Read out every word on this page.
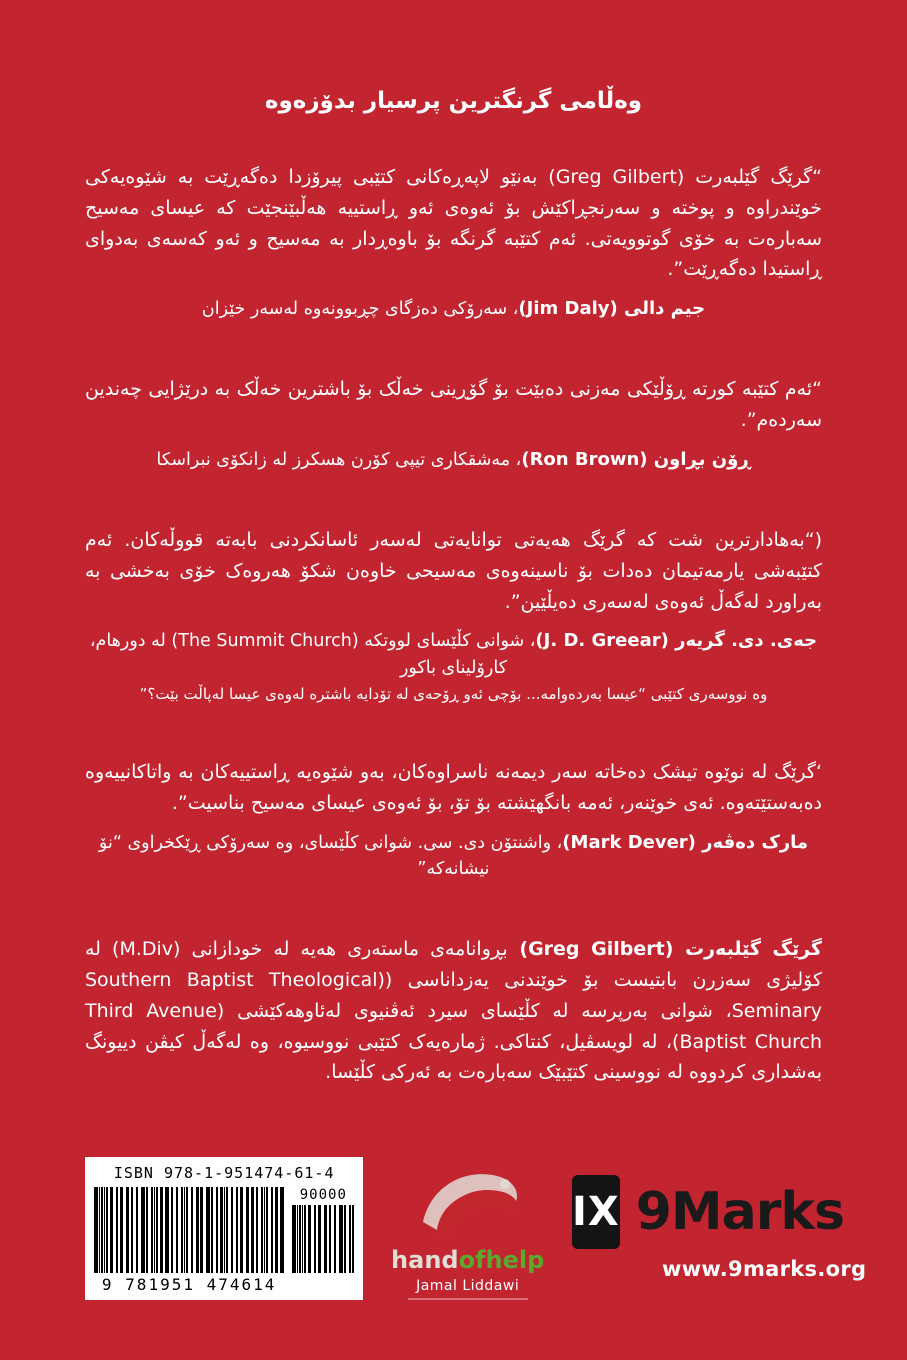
وەڵامی گرنگترین پرسیار بدۆزەوە

“گرێگ گێلبەرت (Greg Gilbert) بەنێو لاپەڕەکانی کتێبی پیرۆزدا دەگەڕێت بە شێوەیەکی خوێندراوە و پوختە و سەرنجڕاکێش بۆ ئەوەی ئەو ڕاستییە هەڵبێنجێت کە عیسای مەسیح سەبارەت بە خۆی گوتوویەتی. ئەم کتێبە گرنگە بۆ باوەڕدار بە مەسیح و ئەو کەسەی بەدوای ڕاستیدا دەگەڕێت”.

جیم دالی (Jim Daly)، سەرۆکی دەزگای چڕبوونەوە لەسەر خێزان

“ئەم کتێبە کورتە ڕۆڵێکی مەزنی دەبێت بۆ گۆڕینی خەڵک بۆ باشترین خەڵک بە درێژایی چەندین سەردەم”.

ڕۆن بڕاون (Ron Brown)، مەشقکاری تیپی کۆرن هسکرز لە زانکۆی نبراسکا

(“بەهادارترین شت کە گرێگ هەیەتی توانایەتی لەسەر ئاسانکردنی بابەتە قووڵەکان. ئەم کتێبەشی یارمەتیمان دەدات بۆ ناسینەوەی مەسیحی خاوەن شکۆ هەروەک خۆی بەخشی بە بەراورد لەگەڵ ئەوەی لەسەری دەیڵێین”.

جەی. دی. گریەر (J. D. Greear)، شوانی کڵێسای لووتکە (The Summit Church) لە دورهام، کارۆلینای باکور

وە نووسەری کتێبی “عیسا بەردەوامە... بۆچی ئەو ڕۆحەی لە تۆدایە باشترە لەوەی عیسا لەپاڵت بێت؟”

‘گرێگ لە نوێوە تیشک دەخاتە سەر دیمەنە ناسراوەکان، بەو شێوەیە ڕاستییەکان بە واتاکانییەوە دەبەستێتەوە. ئەی خوێنەر، ئەمە بانگهێشتە بۆ تۆ، بۆ ئەوەی عیسای مەسیح بناسیت”.

مارک دەڤەر (Mark Dever)، واشنتۆن دی. سی. شوانی کڵێسای، وە سەرۆکی ڕێکخراوی “نۆ نیشانەکە”

گرێگ گێلبەرت (Greg Gilbert) بڕوانامەی ماستەری هەیە لە خودازانی (M.Div) لە کۆلیژی سەزرن بابتیست بۆ خوێندنی یەزداناسی ((Southern Baptist Theological Seminary، شوانی بەرپرسە لە کڵێسای سیرد ئەڤنیوی لەئاوهەکێشی (Third Avenue Baptist Church)، لە لویسڤیل، کنتاکی. ژمارەیەک کتێبی نووسیوە، وە لەگەڵ کیڤن دییونگ بەشداری کردووە لە نووسینی کتێبێک سەبارەت بە ئەرکی کڵێسا.

ISBN 978-1-951474-61-4
9 781951 474614
90000
handofhelp
Jamal Liddawi
IX 9Marks
www.9marks.org
